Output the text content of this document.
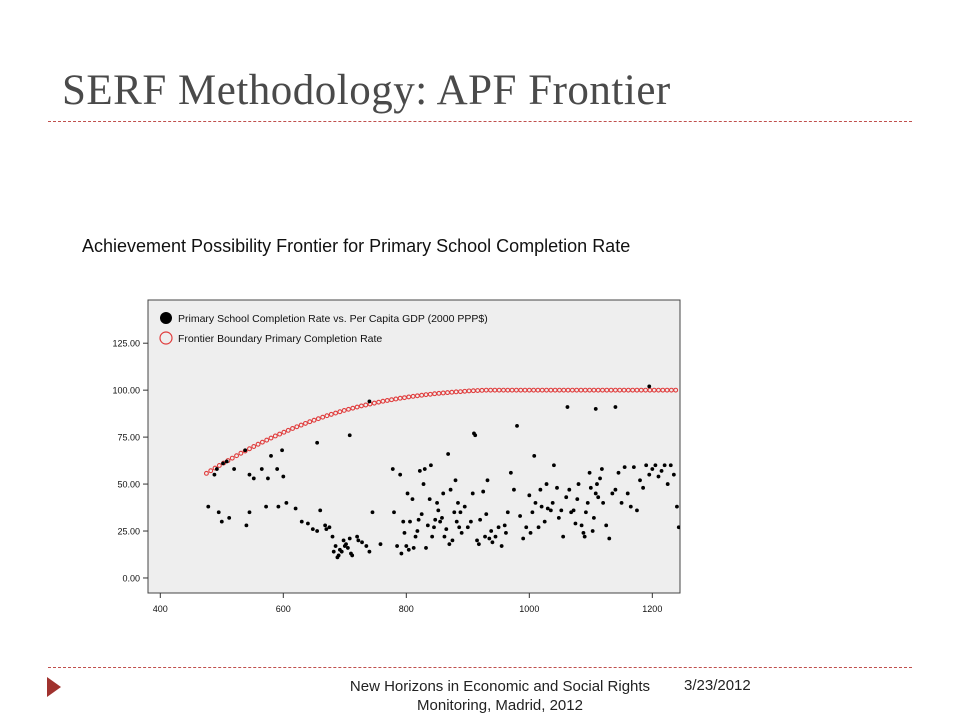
SERF Methodology: APF Frontier
Achievement Possibility Frontier for Primary School Completion Rate
0.00
25.00
50.00
75.00
100.00
125.00
400	600	800	1000	1200
Primary School Completion Rate vs. Per Capita GDP (2000 PPP$)
Frontier Boundary Primary Completion Rate
New Horizons in Economic and Social Rights Monitoring, Madrid, 2012
3/23/2012
